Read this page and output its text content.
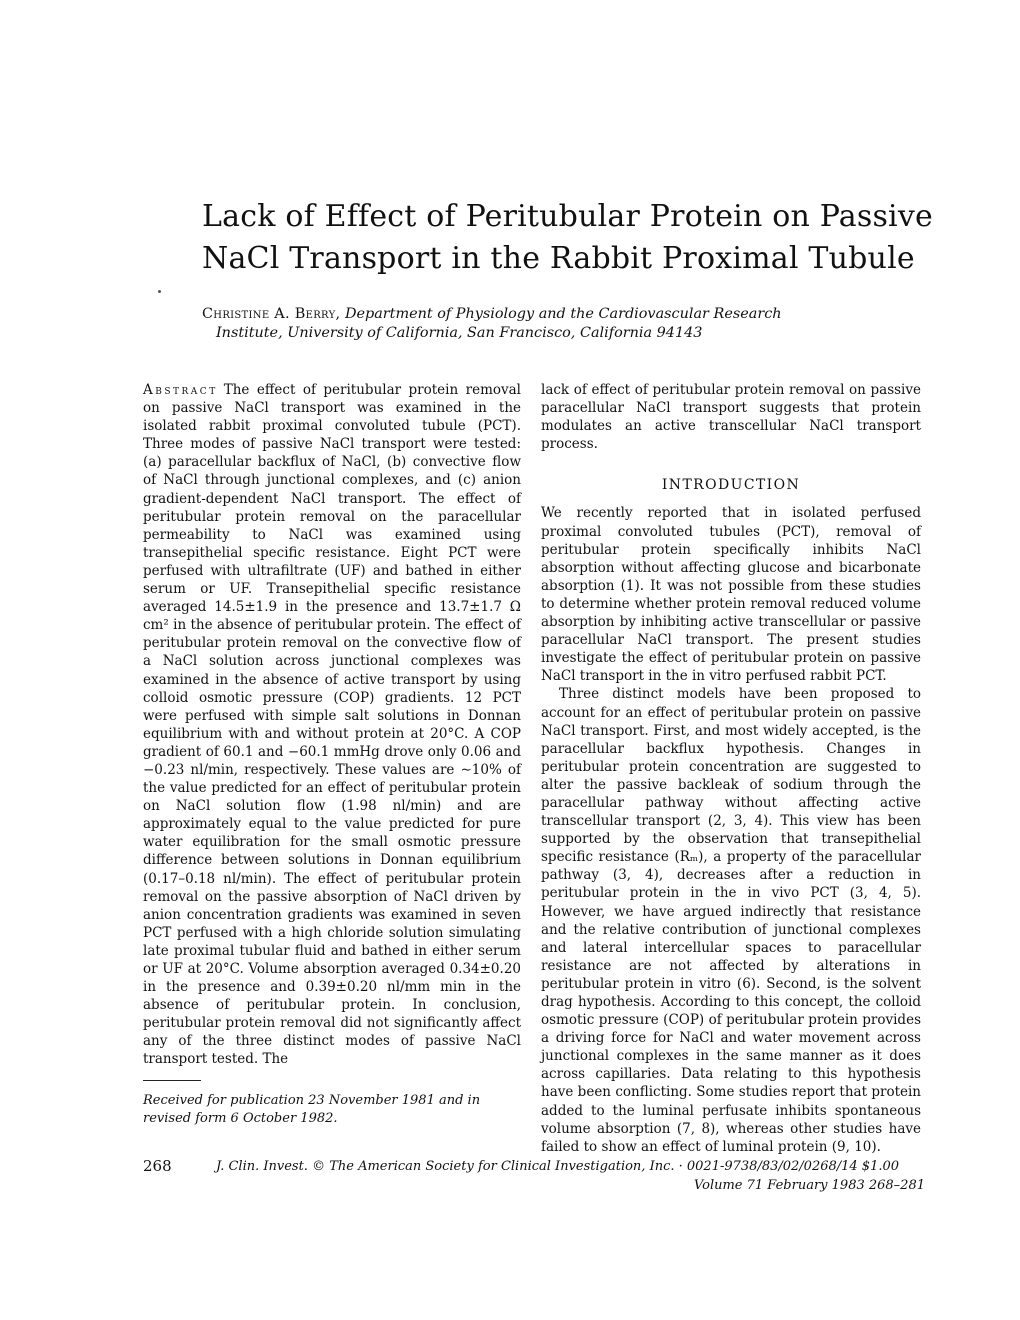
Lack of Effect of Peritubular Protein on Passive
NaCl Transport in the Rabbit Proximal Tubule
Christine A. Berry, Department of Physiology and the Cardiovascular Research
Institute, University of California, San Francisco, California 94143

Abstract The effect of peritubular protein removal on passive NaCl transport was examined in the isolated rabbit proximal convoluted tubule (PCT). Three modes of passive NaCl transport were tested: (a) paracellular backflux of NaCl, (b) convective flow of NaCl through junctional complexes, and (c) anion gradient-dependent NaCl transport. The effect of peritubular protein removal on the paracellular permeability to NaCl was examined using transepithelial specific resistance. Eight PCT were perfused with ultrafiltrate (UF) and bathed in either serum or UF. Transepithelial specific resistance averaged 14.5±1.9 in the presence and 13.7±1.7 Ω cm² in the absence of peritubular protein. The effect of peritubular protein removal on the convective flow of a NaCl solution across junctional complexes was examined in the absence of active transport by using colloid osmotic pressure (COP) gradients. 12 PCT were perfused with simple salt solutions in Donnan equilibrium with and without protein at 20°C. A COP gradient of 60.1 and −60.1 mmHg drove only 0.06 and −0.23 nl/min, respectively. These values are ∼10% of the value predicted for an effect of peritubular protein on NaCl solution flow (1.98 nl/min) and are approximately equal to the value predicted for pure water equilibration for the small osmotic pressure difference between solutions in Donnan equilibrium (0.17–0.18 nl/min). The effect of peritubular protein removal on the passive absorption of NaCl driven by anion concentration gradients was examined in seven PCT perfused with a high chloride solution simulating late proximal tubular fluid and bathed in either serum or UF at 20°C. Volume absorption averaged 0.34±0.20 in the presence and 0.39±0.20 nl/mm min in the absence of peritubular protein. In conclusion, peritubular protein removal did not significantly affect any of the three distinct modes of passive NaCl transport tested. The

Received for publication 23 November 1981 and in revised form 6 October 1982.

lack of effect of peritubular protein removal on passive paracellular NaCl transport suggests that protein modulates an active transcellular NaCl transport process.

INTRODUCTION

We recently reported that in isolated perfused proximal convoluted tubules (PCT), removal of peritubular protein specifically inhibits NaCl absorption without affecting glucose and bicarbonate absorption (1). It was not possible from these studies to determine whether protein removal reduced volume absorption by inhibiting active transcellular or passive paracellular NaCl transport. The present studies investigate the effect of peritubular protein on passive NaCl transport in the in vitro perfused rabbit PCT.

Three distinct models have been proposed to account for an effect of peritubular protein on passive NaCl transport. First, and most widely accepted, is the paracellular backflux hypothesis. Changes in peritubular protein concentration are suggested to alter the passive backleak of sodium through the paracellular pathway without affecting active transcellular transport (2, 3, 4). This view has been supported by the observation that transepithelial specific resistance (Rₘ), a property of the paracellular pathway (3, 4), decreases after a reduction in peritubular protein in the in vivo PCT (3, 4, 5). However, we have argued indirectly that resistance and the relative contribution of junctional complexes and lateral intercellular spaces to paracellular resistance are not affected by alterations in peritubular protein in vitro (6). Second, is the solvent drag hypothesis. According to this concept, the colloid osmotic pressure (COP) of peritubular protein provides a driving force for NaCl and water movement across junctional complexes in the same manner as it does across capillaries. Data relating to this hypothesis have been conflicting. Some studies report that protein added to the luminal perfusate inhibits spontaneous volume absorption (7, 8), whereas other studies have failed to show an effect of luminal protein (9, 10).

268	J. Clin. Invest. © The American Society for Clinical Investigation, Inc. · 0021-9738/83/02/0268/14 $1.00
Volume 71 February 1983 268–281
